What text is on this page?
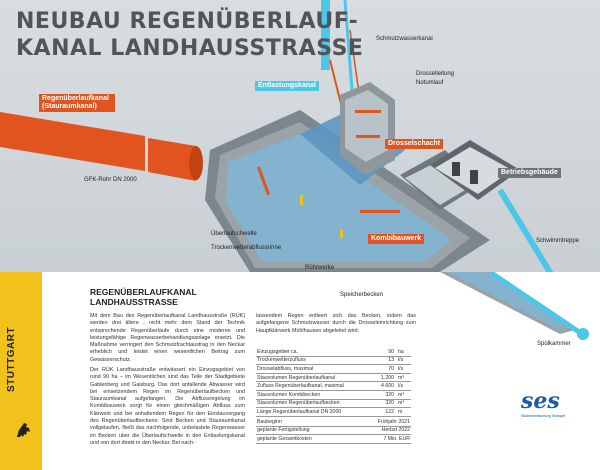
NEUBAU REGENÜBERLAUF-
KANAL LANDHAUSSTRASSE
Regenüberlaufkanal (Stauraumkanal)
Entlastungskanal
Drosselschacht
Betriebsgebäude
Kombibauwerk
Schmutzwasserkanal
Drosselleitung
Notumlauf
GFK-Rohr DN 2000
Überlaufschwelle
Trockenwetterabflussrinne
Rührwerke
Schwimmtreppe
Speicherbecken
Spülkammer
STUTTGART
REGENÜBERLAUFKANAL
LANDHAUSSTRASSE

Mit dem Bau des Regenüberlaufkanal Landhausstraße (RÜK) werden drei ältere , nicht mehr dem Stand der Technik entsprechende Regenüberläufe durch eine moderne und leistungsfähige Regenwasserbehandlungsanlage ersetzt. Die Maßnahme verringert den Schmutzfrachtaustrag in den Neckar erheblich und leistet einen wesentlichen Beitrag zum Gewässerschutz.

Der RÜK Landhausstraße entwässert ein Einzugsgebiet von rund 90 ha – im Wesentlichen sind das Teile der Stadtgebiete Gablenberg und Gaisburg. Das dort anfallende Abwasser wird bei einsetzendem Regen im Regenüberlaufbecken und Stauraumkanal aufgefangen. Die Abflussregelung im Kombibauwerk sorgt für einen gleichmäßigen Abfluss zum Klärwerk und bei anhaltendem Regen für den Einstauvorgang des Regenüberlaufbeckens: Sind Becken und Stauraumkanal vollgelaufen, fließt das nachfolgende, unbelastete Regenwasser im Becken über die Überlaufschwelle in den Entlastungskanal und von dort direkt in den Neckar. Bei nach-

lassendem Regen entleert sich das Becken, indem das aufgefangene Schmutzwasser durch die Drosseleinrichtung zum Hauptklärwerk Mühlhausen abgeleitet wird.

Einzugsgebiet ca.	90	ha
Trockenwetterzufluss	13	l/s
Drosselabfluss, maximal	70	l/s
Stauvolumen Regenüberlaufkanal	1.200	m³
Zufluss Regenüberlaufkanal, maximal	4.600	l/s
Stauvolumen Kombibecken	320	m³
Stauvolumen Regenüberlaufbecken	320	m³
Länge Regenüberlaufkanal DN 2000	122	m
Baubeginn	Frühjahr 2021
geplante Fertigstellung	Herbst 2022
geplante Gesamtkosten	7 Mio. EUR
ses
Stadtentwässerung Stuttgart
